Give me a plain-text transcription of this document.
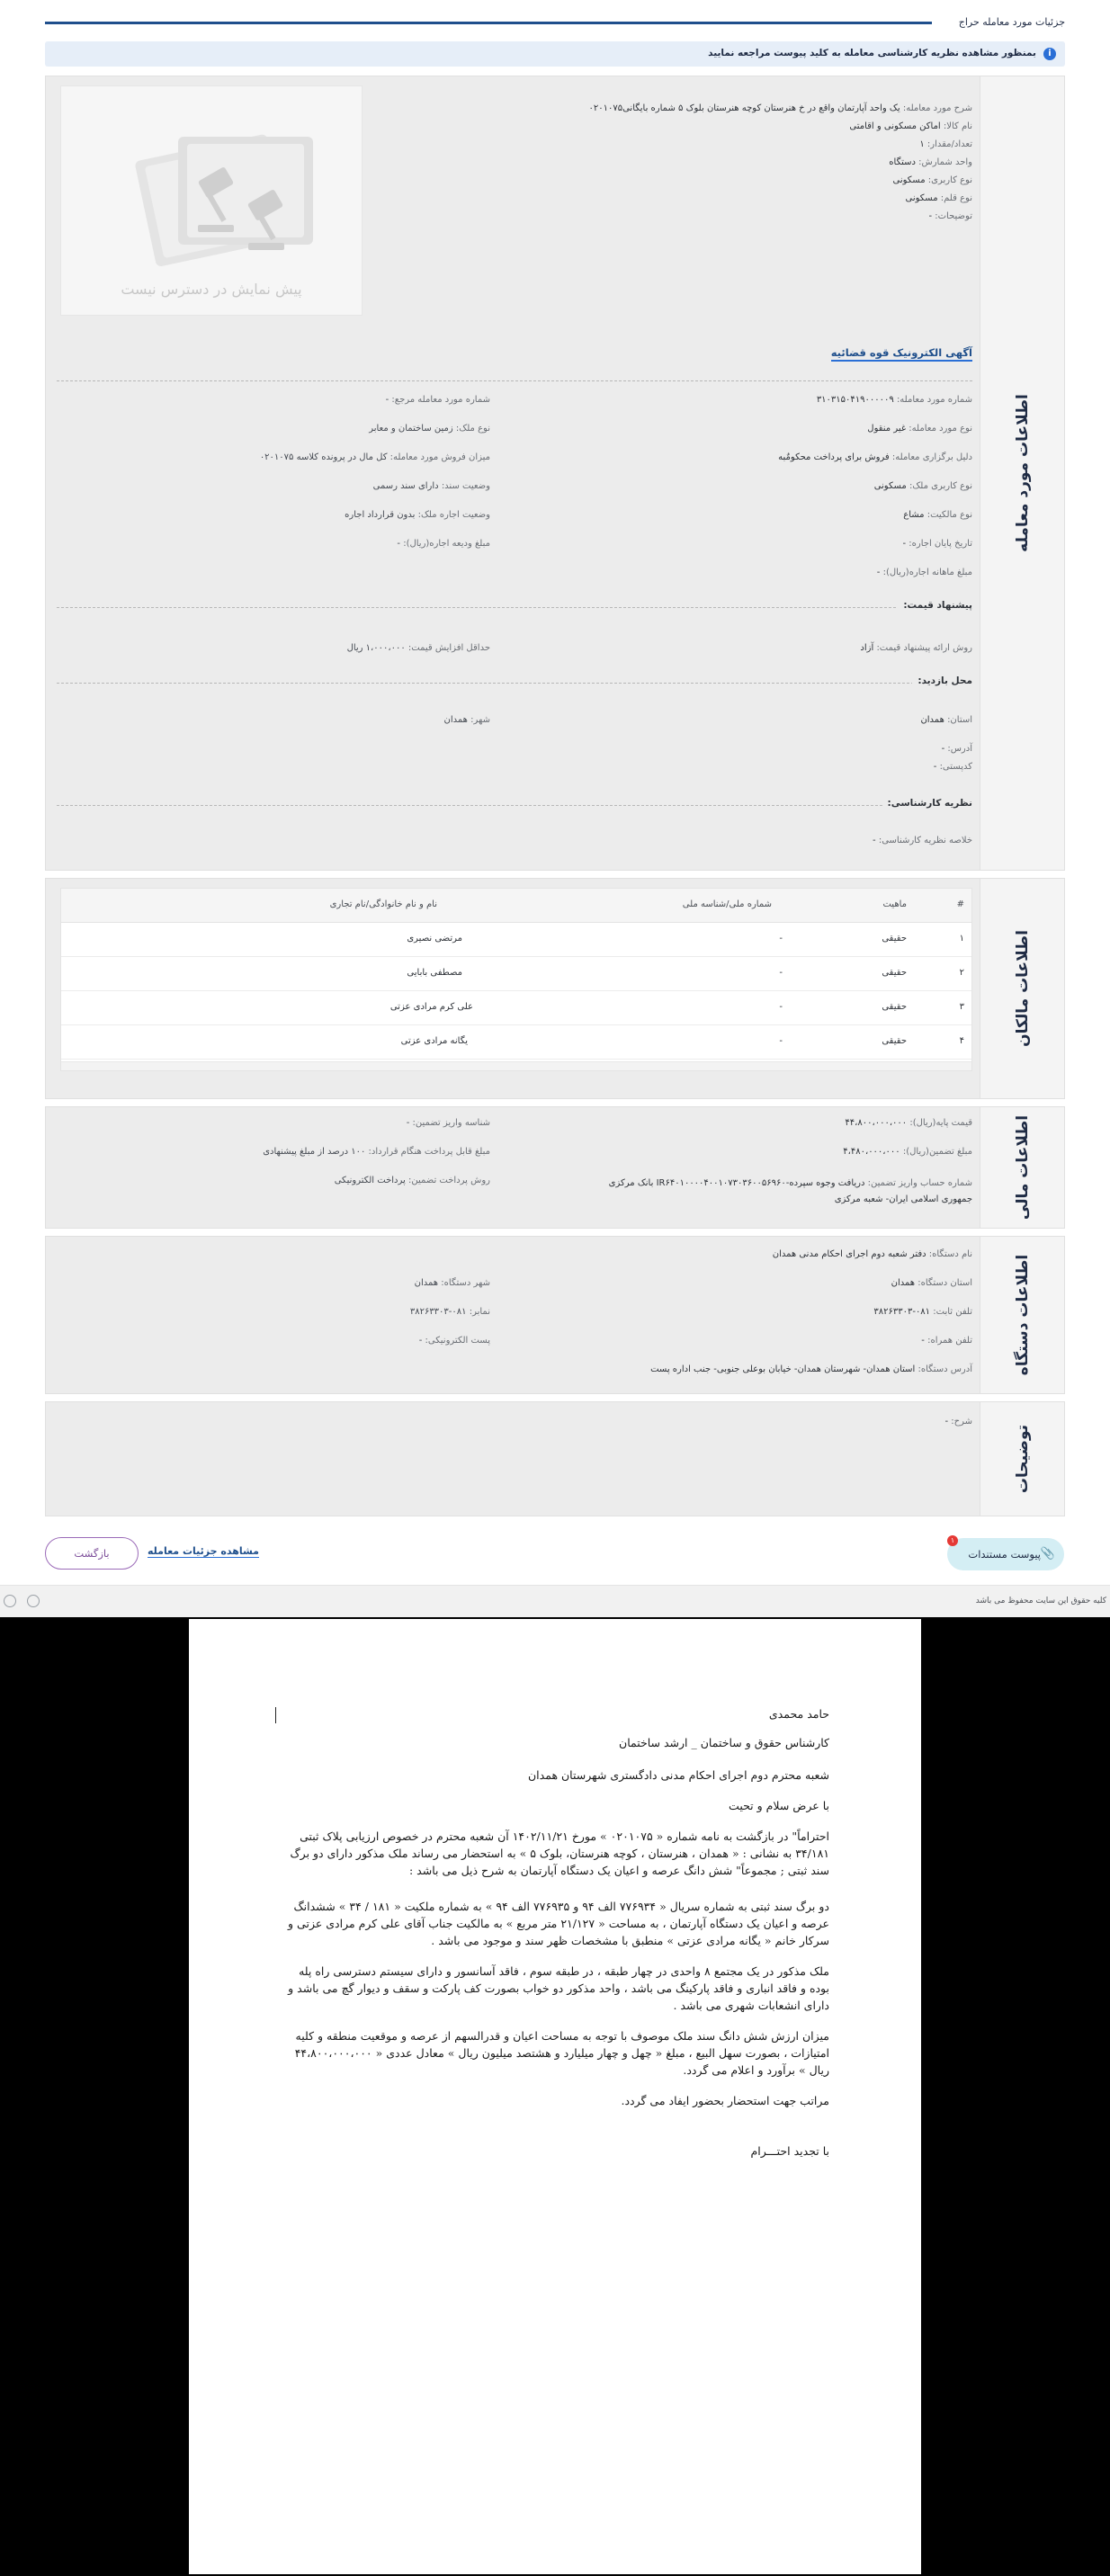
جزئیات مورد معامله حراج
i
بمنظور مشاهده نظریه کارشناسی معامله به کلید پیوست مراجعه نمایید
اطلاعات مورد معامله
شرح مورد معامله: یک واحد آپارتمان واقع در خ هنرستان کوچه هنرستان بلوک ۵ شماره بایگانی۰۲۰۱۰۷۵
نام کالا: اماکن مسکونی و اقامتی
تعداد/مقدار: ۱
واحد شمارش: دستگاه
نوع کاربری: مسکونی
نوع قلم: مسکونی
توضیحات: -
پیش نمایش در دسترس نیست
آگهی الکترونیک قوه قضائیه
شماره مورد معامله: ۳۱۰۳۱۵۰۴۱۹۰۰۰۰۰۹
نوع مورد معامله: غیر منقول
دلیل برگزاری معامله: فروش برای پرداخت محکومٌبه
نوع کاربری ملک: مسکونی
نوع مالکیت: مشاع
تاریخ پایان اجاره: -
مبلغ ماهانه اجاره(ریال): -
شماره مورد معامله مرجع: -
نوع ملک: زمین ساختمان و معابر
میزان فروش مورد معامله: کل مال در پرونده کلاسه ۰۲۰۱۰۷۵
وضعیت سند: دارای سند رسمی
وضعیت اجاره ملک: بدون قرارداد اجاره
مبلغ ودیعه اجاره(ریال): -
پیشنهاد قیمت:
روش ارائه پیشنهاد قیمت: آزاد
حداقل افزایش قیمت: ۱،۰۰۰،۰۰۰ ریال
محل بازدید:
استان: همدان
شهر: همدان
آدرس: -
کدپستی: -
نظریه کارشناسی:
خلاصه نظریه کارشناسی: -
اطلاعات مالکان
#
ماهیت
شماره ملی/شناسه ملی
نام و نام خانوادگی/نام تجاری
۱
حقیقی
-
مرتضی نصیری
۲
حقیقی
-
مصطفی بابایی
۳
حقیقی
-
علی کرم مرادی عزتی
۴
حقیقی
-
یگانه مرادی عزتی
اطلاعات مالی
قیمت پایه(ریال): ۴۴،۸۰۰،۰۰۰،۰۰۰
شناسه واریز تضمین: -
مبلغ تضمین(ریال): ۴،۴۸۰،۰۰۰،۰۰۰
مبلغ قابل پرداخت هنگام قرارداد: ۱۰۰ درصد از مبلغ پیشنهادی
شماره حساب واریز تضمین: دریافت وجوه سپرده-IR۶۴۰۱۰۰۰۰۴۰۰۱۰۷۳۰۳۶۰۰۵۶۹۶۰ بانک مرکزی جمهوری اسلامی ایران- شعبه مرکزی
روش پرداخت تضمین: پرداخت الکترونیکی
اطلاعات دستگاه
نام دستگاه: دفتر شعبه دوم اجرای احکام مدنی همدان
استان دستگاه: همدان
شهر دستگاه: همدان
تلفن ثابت: ۰۸۱-۳۸۲۶۳۳۰۳
نمابر: ۰۸۱-۳۸۲۶۳۳۰۳
تلفن همراه: -
پست الکترونیکی: -
آدرس دستگاه: استان همدان- شهرستان همدان- خیابان بوعلی جنوبی- جنب اداره پست
توضیحات
شرح: -
۱
پیوست مستندات 📎
مشاهده جزئیات معامله
بازگشت
کلیه حقوق این سایت محفوظ می باشد
حامد محمدی
کارشناس حقوق و ساختمان _ ارشد ساختمان
شعبه محترم دوم اجرای احکام مدنی دادگستری شهرستان همدان
با عرض سلام و تحیت
احتراماً" در بازگشت به نامه شماره « ۰۲۰۱۰۷۵ » مورخ ۱۴۰۲/۱۱/۲۱ آن شعبه محترم در خصوص ارزیابی پلاک ثبتی ۳۴/۱۸۱ به نشانی : « همدان ، هنرستان ، کوچه هنرستان، بلوک ۵ » به استحضار می رساند ملک مذکور دارای دو برگ سند ثبتی ; مجموعاً" شش دانگ عرصه و اعیان یک دستگاه آپارتمان به شرح ذیل می باشد :
دو برگ سند ثبتی به شماره سریال « ۷۷۶۹۳۴ الف ۹۴ و ۷۷۶۹۳۵ الف ۹۴ » به شماره ملکیت « ۱۸۱ / ۳۴ » ششدانگ عرصه و اعیان یک دستگاه آپارتمان ، به مساحت « ۲۱/۱۲۷ متر مربع » به مالکیت جناب آقای علی کرم مرادی عزتی و سرکار خانم « یگانه مرادی عزتی » منطبق با مشخصات ظهر سند و موجود می باشد .
ملک مذکور در یک مجتمع ۸ واحدی در چهار طبقه ، در طبقه سوم ، فاقد آسانسور و دارای سیستم دسترسی راه پله بوده و فاقد انباری و فاقد پارکینگ می باشد ، واحد مذکور دو خواب بصورت کف پارکت و سقف و دیوار گچ می باشد و دارای انشعابات شهری می باشد .
میزان ارزش شش دانگ سند ملک موصوف با توجه به مساحت اعیان و قدرالسهم از عرصه و موقعیت منطقه و کلیه امتیازات ، بصورت سهل البیع ، مبلغ « چهل و چهار میلیارد و هشتصد میلیون ریال » معادل عددی « ۴۴،۸۰۰،۰۰۰،۰۰۰ ریال » برآورد و اعلام می گردد.
مراتب جهت استحضار بحضور ایفاد می گردد.
با تجدید احتـــرام
